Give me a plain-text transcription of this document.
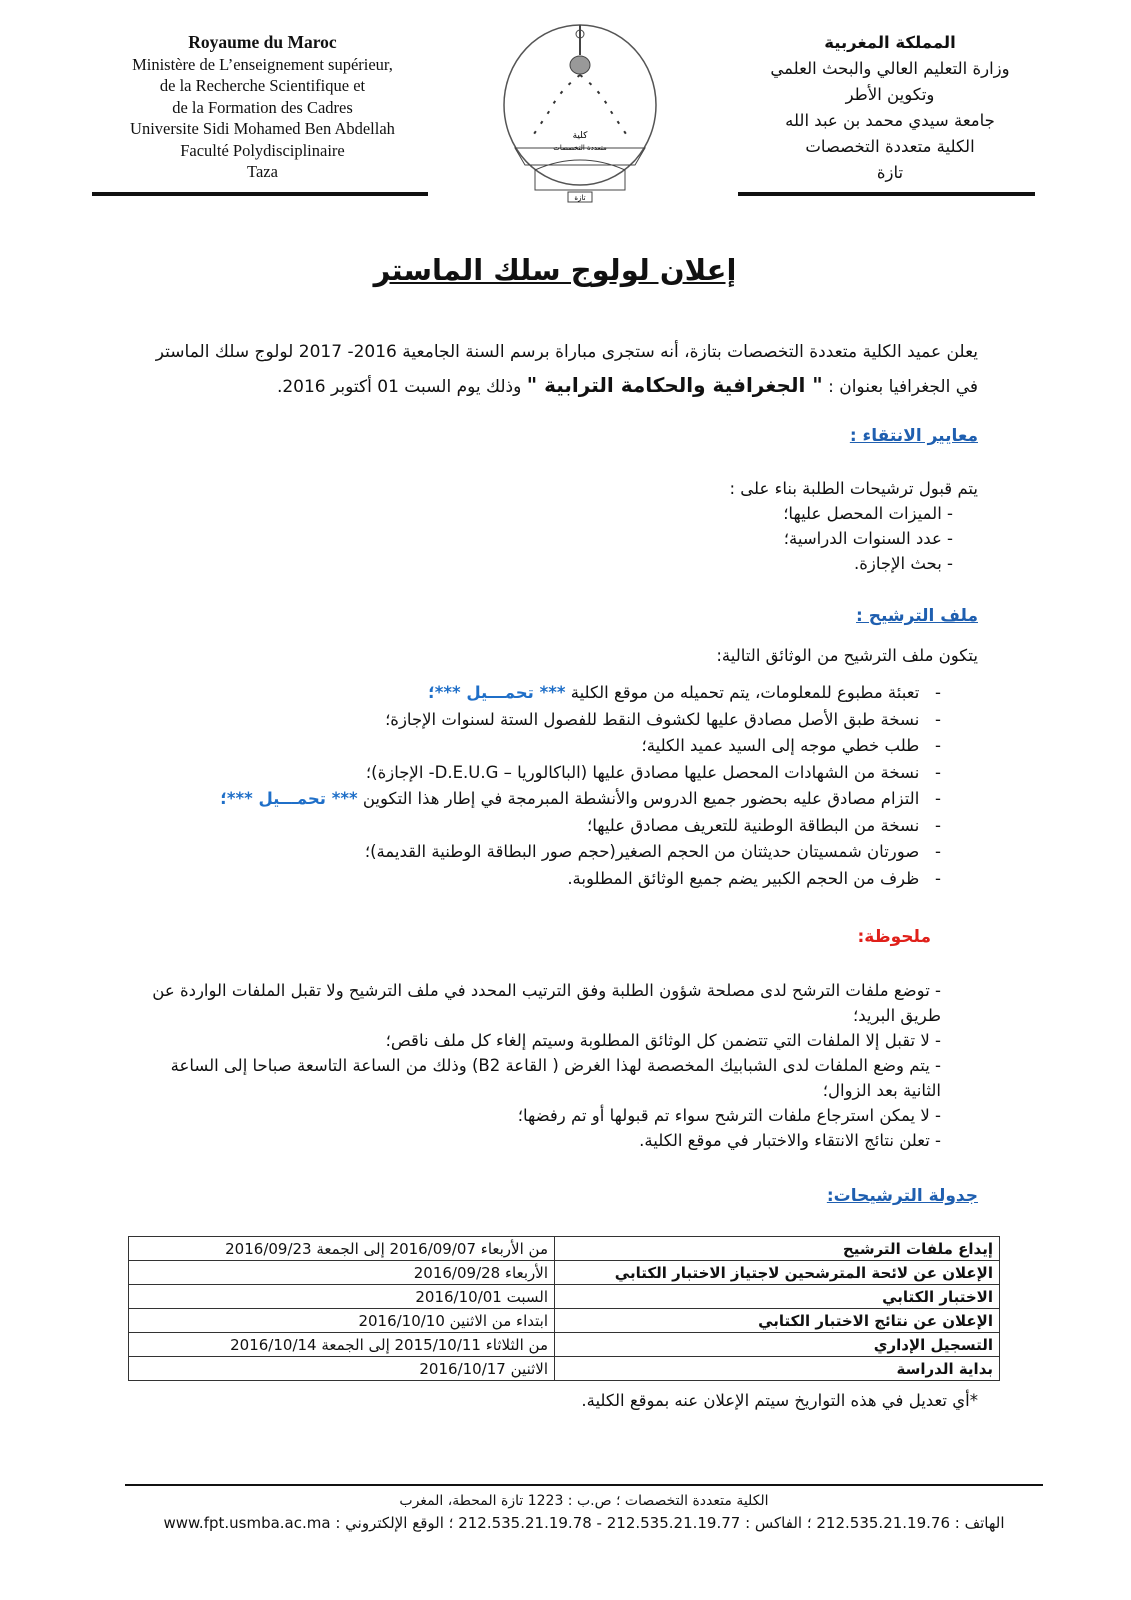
Royaume du Maroc
Ministère de L’enseignement supérieur,
de la Recherche Scientifique et
de la Formation des Cadres
Universite Sidi Mohamed Ben Abdellah
Faculté Polydisciplinaire
Taza
كلية
متعددة التخصصات
تازة
المملكة المغربية
وزارة التعليم العالي والبحث العلمي
وتكوين الأطر
جامعة سيدي محمد بن عبد الله
الكلية متعددة التخصصات
تازة
إعلان لولوج سلك الماستر
يعلن عميد الكلية متعددة التخصصات بتازة، أنه ستجرى مباراة برسم السنة الجامعية 2016- 2017 لولوج سلك الماستر
في الجغرافيا بعنوان : " الجغرافية والحكامة الترابية " وذلك يوم السبت 01 أكتوبر 2016.
معايير الانتقاء :
يتم قبول ترشيحات الطلبة بناء على :
- الميزات المحصل عليها؛
- عدد السنوات الدراسية؛
- بحث الإجازة.
ملف الترشيح :
يتكون ملف الترشيح من الوثائق التالية:
-   تعبئة مطبوع للمعلومات، يتم تحميله من موقع الكلية *** تحمـــيل ***؛
-   نسخة طبق الأصل مصادق عليها لكشوف النقط للفصول الستة لسنوات الإجازة؛
-   طلب خطي موجه إلى السيد عميد الكلية؛
-   نسخة من الشهادات المحصل عليها مصادق عليها (الباكالوريا – D.E.U.G- الإجازة)؛
-   التزام مصادق عليه بحضور جميع الدروس والأنشطة المبرمجة في إطار هذا التكوين *** تحمـــيل ***؛
-   نسخة من البطاقة الوطنية للتعريف مصادق عليها؛
-   صورتان شمسيتان حديثتان من الحجم الصغير(حجم صور البطاقة الوطنية القديمة)؛
-   ظرف من الحجم الكبير يضم جميع الوثائق المطلوبة.
ملحوظة:
- توضع ملفات الترشح لدى مصلحة شؤون الطلبة وفق الترتيب المحدد في ملف الترشيح ولا تقبل الملفات الواردة عن طريق البريد؛
- لا تقبل إلا الملفات التي تتضمن كل الوثائق المطلوبة وسيتم إلغاء كل ملف ناقص؛
- يتم وضع الملفات لدى الشبابيك المخصصة لهذا الغرض ( القاعة B2) وذلك من الساعة التاسعة صباحا إلى الساعة الثانية بعد الزوال؛
- لا يمكن استرجاع ملفات الترشح سواء تم قبولها أو تم رفضها؛
- تعلن نتائج الانتقاء والاختبار في موقع الكلية.
جدولة الترشيحات:
إيداع ملفات الترشيح	من الأربعاء 2016/09/07 إلى الجمعة 2016/09/23
الإعلان عن لائحة المترشحين لاجتياز الاختبار الكتابي	الأربعاء 2016/09/28
الاختبار الكتابي	السبت 2016/10/01
الإعلان عن نتائج الاختبار الكتابي	ابتداء من الاثنين 2016/10/10
التسجيل الإداري	من الثلاثاء 2015/10/11 إلى الجمعة 2016/10/14
بداية الدراسة	الاثنين 2016/10/17
*أي تعديل في هذه التواريخ سيتم الإعلان عنه بموقع الكلية.
الكلية متعددة التخصصات ؛ ص.ب : 1223 تازة المحطة، المغرب
الهاتف : 212.535.21.19.76 ؛ الفاكس : 212.535.21.19.77 - 212.535.21.19.78 ؛ الوقع الإلكتروني : www.fpt.usmba.ac.ma
